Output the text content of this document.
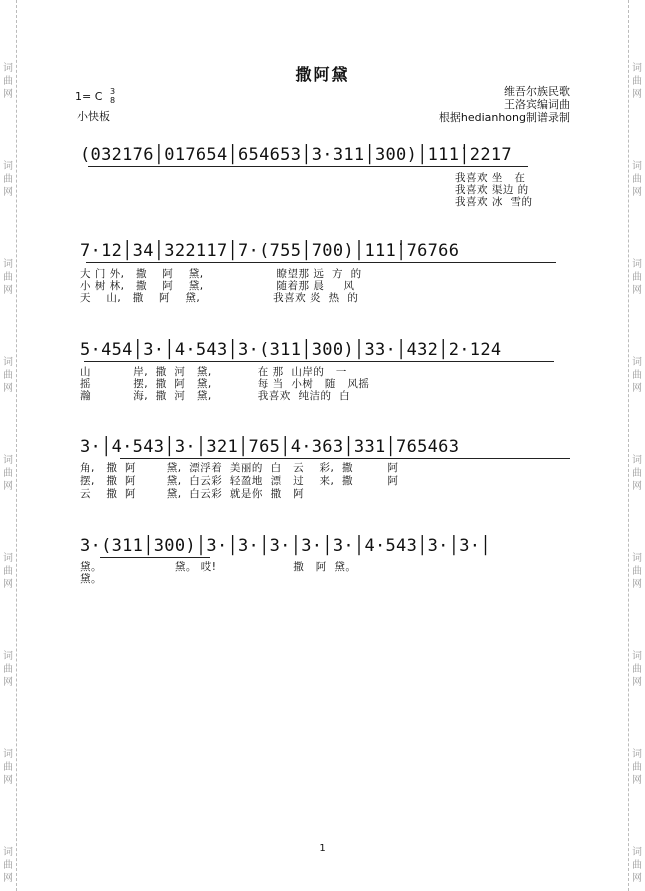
词
曲
网
词
曲
网
词
曲
网
词
曲
网
词
曲
网
词
曲
网
词
曲
网
词
曲
网
词
曲
网
词
曲
网
词
曲
网
词
曲
网
词
曲
网
词
曲
网
词
曲
网
词
曲
网
词
曲
网
词
曲
网
撒阿黛
维吾尔族民歌
王洛宾编词曲
根据hedianhong制谱录制
1= C 3
8
小快板
(0321̇76│0̇17654│654653│3·311│300)│1̇1̇1̇│2̇2̇17
我喜欢 坐   在
我喜欢 渠边 的
我喜欢 冰  雪的
7·12│34│322117│7·(755│700)│1̇1̇1̇│76766
大 门 外,   撒    阿    黛,                   瞭望那 远  方  的
小 树 林,   撒    阿    黛,                   随着那 晨     风
天    山,   撒    阿    黛,                   我喜欢 炎  热  的
5·454│3·│4·543│3·(311│300)│33·│432│2·124
山           岸,  撒  河   黛,            在 那  山岸的   一
摇           摆,  撒  阿   黛,            每 当  小树   随   风摇
瀚           海,  撒  河   黛,            我喜欢  纯洁的  白
3·│4·543│3·│321│765│4·363│331│765463
角,   撒  阿        黛,  漂浮着  美丽的  白   云    彩,  撒         阿
摆,   撒  阿        黛,  白云彩  轻盈地  漂   过    来,  撒         阿
云    撒  阿        黛,  白云彩  就是你  撒   阿
3·(311│300)│3·│3·│3·│3·│3·│4·543│3·│3·│
黛。                   黛。 哎!                    撒   阿  黛。
黛。
1
